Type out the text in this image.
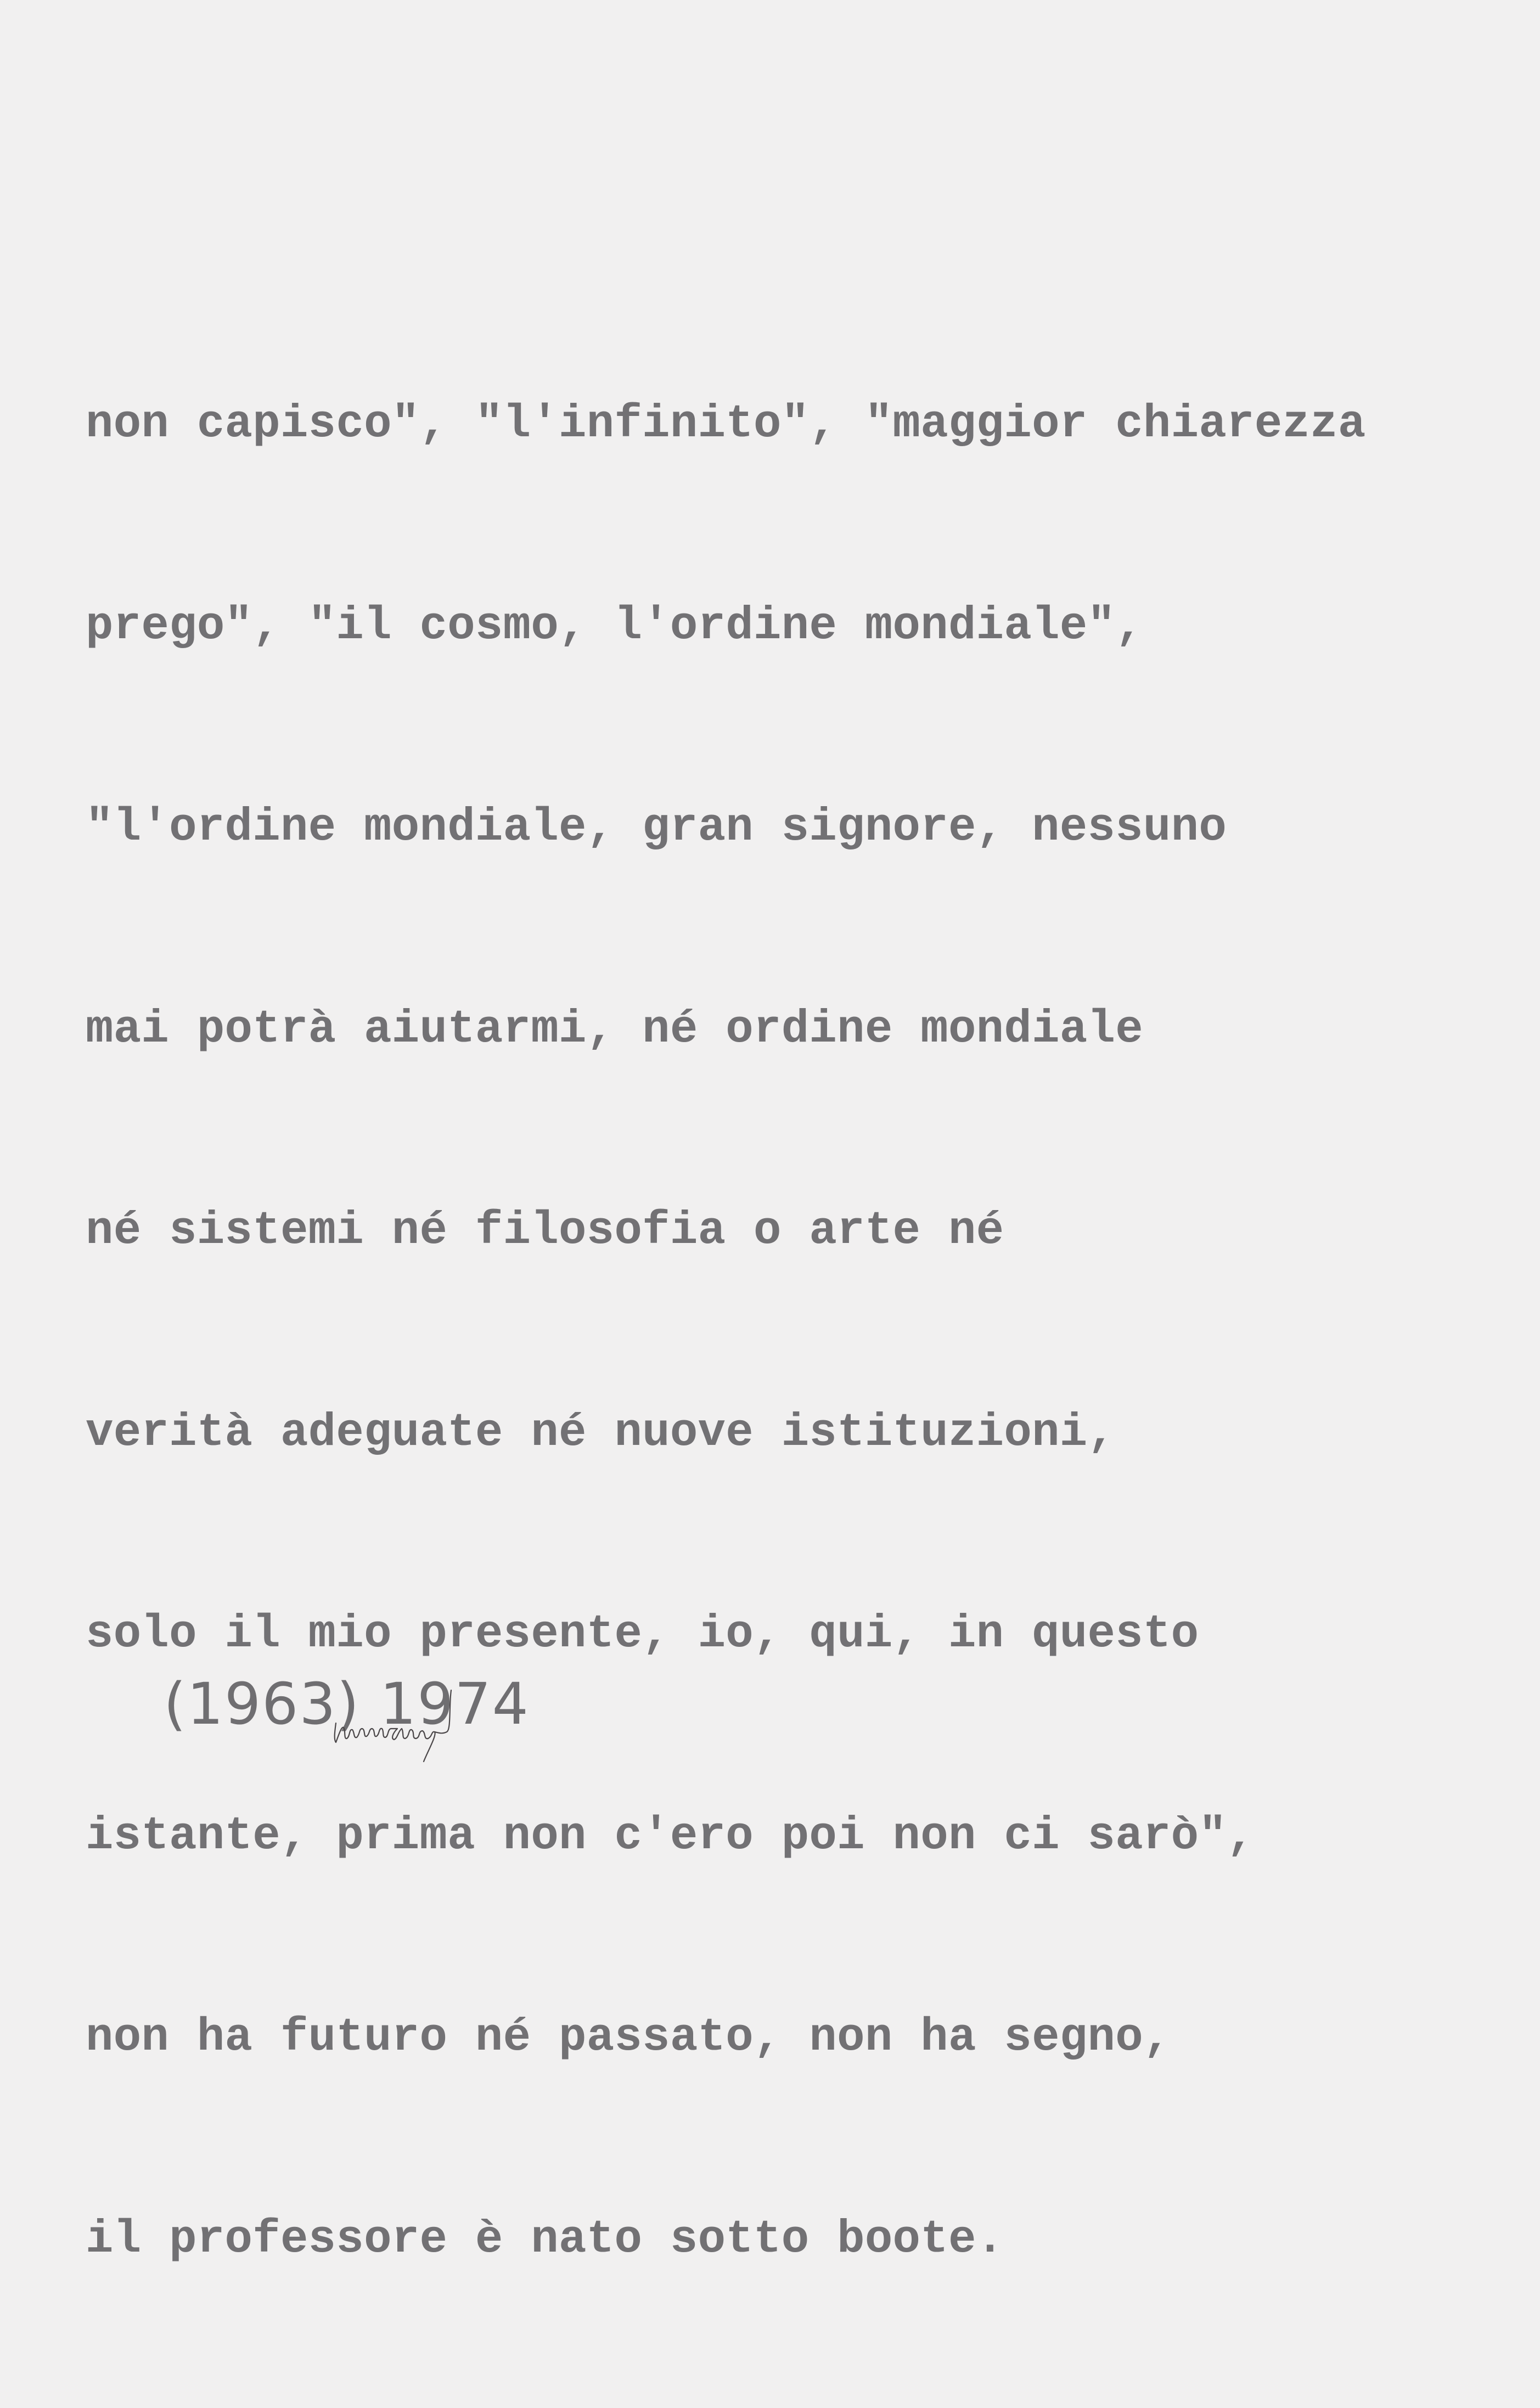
non capisco", "l'infinito", "maggior chiarezza

prego", "il cosmo, l'ordine mondiale",

"l'ordine mondiale, gran signore, nessuno

mai potrà aiutarmi, né ordine mondiale

né sistemi né filosofia o arte né

verità adeguate né nuove istituzioni,

solo il mio presente, io, qui, in questo

istante, prima non c'ero poi non ci sarò",

non ha futuro né passato, non ha segno,

il professore è nato sotto boote.

(1963) 1974
